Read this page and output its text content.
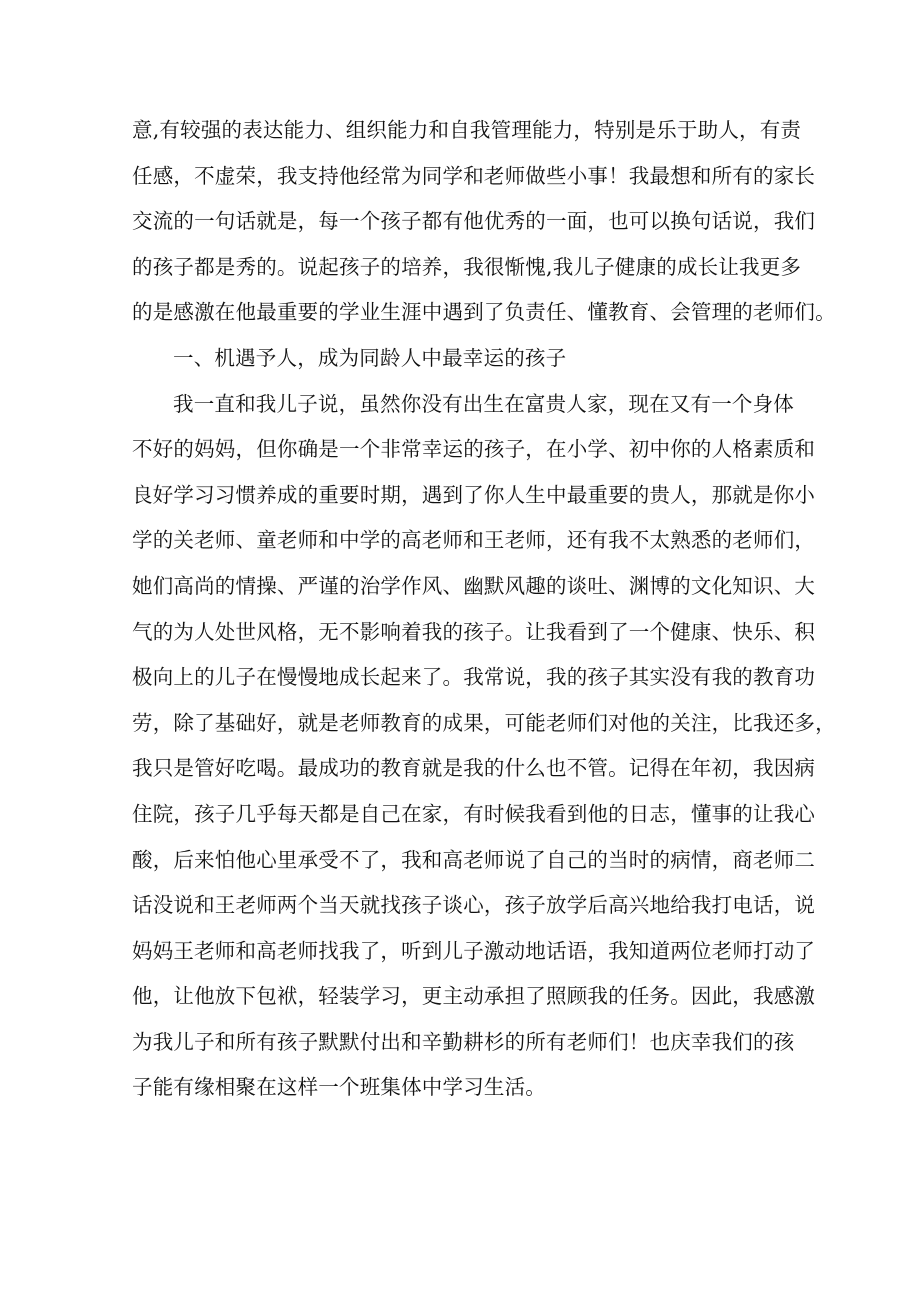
意,有较强的表达能力、组织能力和自我管理能力，特别是乐于助人，有责
任感，不虚荣，我支持他经常为同学和老师做些小事！我最想和所有的家长
交流的一句话就是，每一个孩子都有他优秀的一面，也可以换句话说，我们
的孩子都是秀的。说起孩子的培养，我很惭愧,我儿子健康的成长让我更多
的是感激在他最重要的学业生涯中遇到了负责任、懂教育、会管理的老师们。
一、机遇予人，成为同龄人中最幸运的孩子
我一直和我儿子说，虽然你没有出生在富贵人家，现在又有一个身体
不好的妈妈，但你确是一个非常幸运的孩子，在小学、初中你的人格素质和
良好学习习惯养成的重要时期，遇到了你人生中最重要的贵人，那就是你小
学的关老师、童老师和中学的高老师和王老师，还有我不太熟悉的老师们，
她们高尚的情操、严谨的治学作风、幽默风趣的谈吐、渊博的文化知识、大
气的为人处世风格，无不影响着我的孩子。让我看到了一个健康、快乐、积
极向上的儿子在慢慢地成长起来了。我常说，我的孩子其实没有我的教育功
劳，除了基础好，就是老师教育的成果，可能老师们对他的关注，比我还多，
我只是管好吃喝。最成功的教育就是我的什么也不管。记得在年初，我因病
住院，孩子几乎每天都是自己在家，有时候我看到他的日志，懂事的让我心
酸，后来怕他心里承受不了，我和高老师说了自己的当时的病情，商老师二
话没说和王老师两个当天就找孩子谈心，孩子放学后高兴地给我打电话，说
妈妈王老师和高老师找我了，听到儿子激动地话语，我知道两位老师打动了
他，让他放下包袱，轻装学习，更主动承担了照顾我的任务。因此，我感激
为我儿子和所有孩子默默付出和辛勤耕杉的所有老师们！也庆幸我们的孩
子能有缘相聚在这样一个班集体中学习生活。
